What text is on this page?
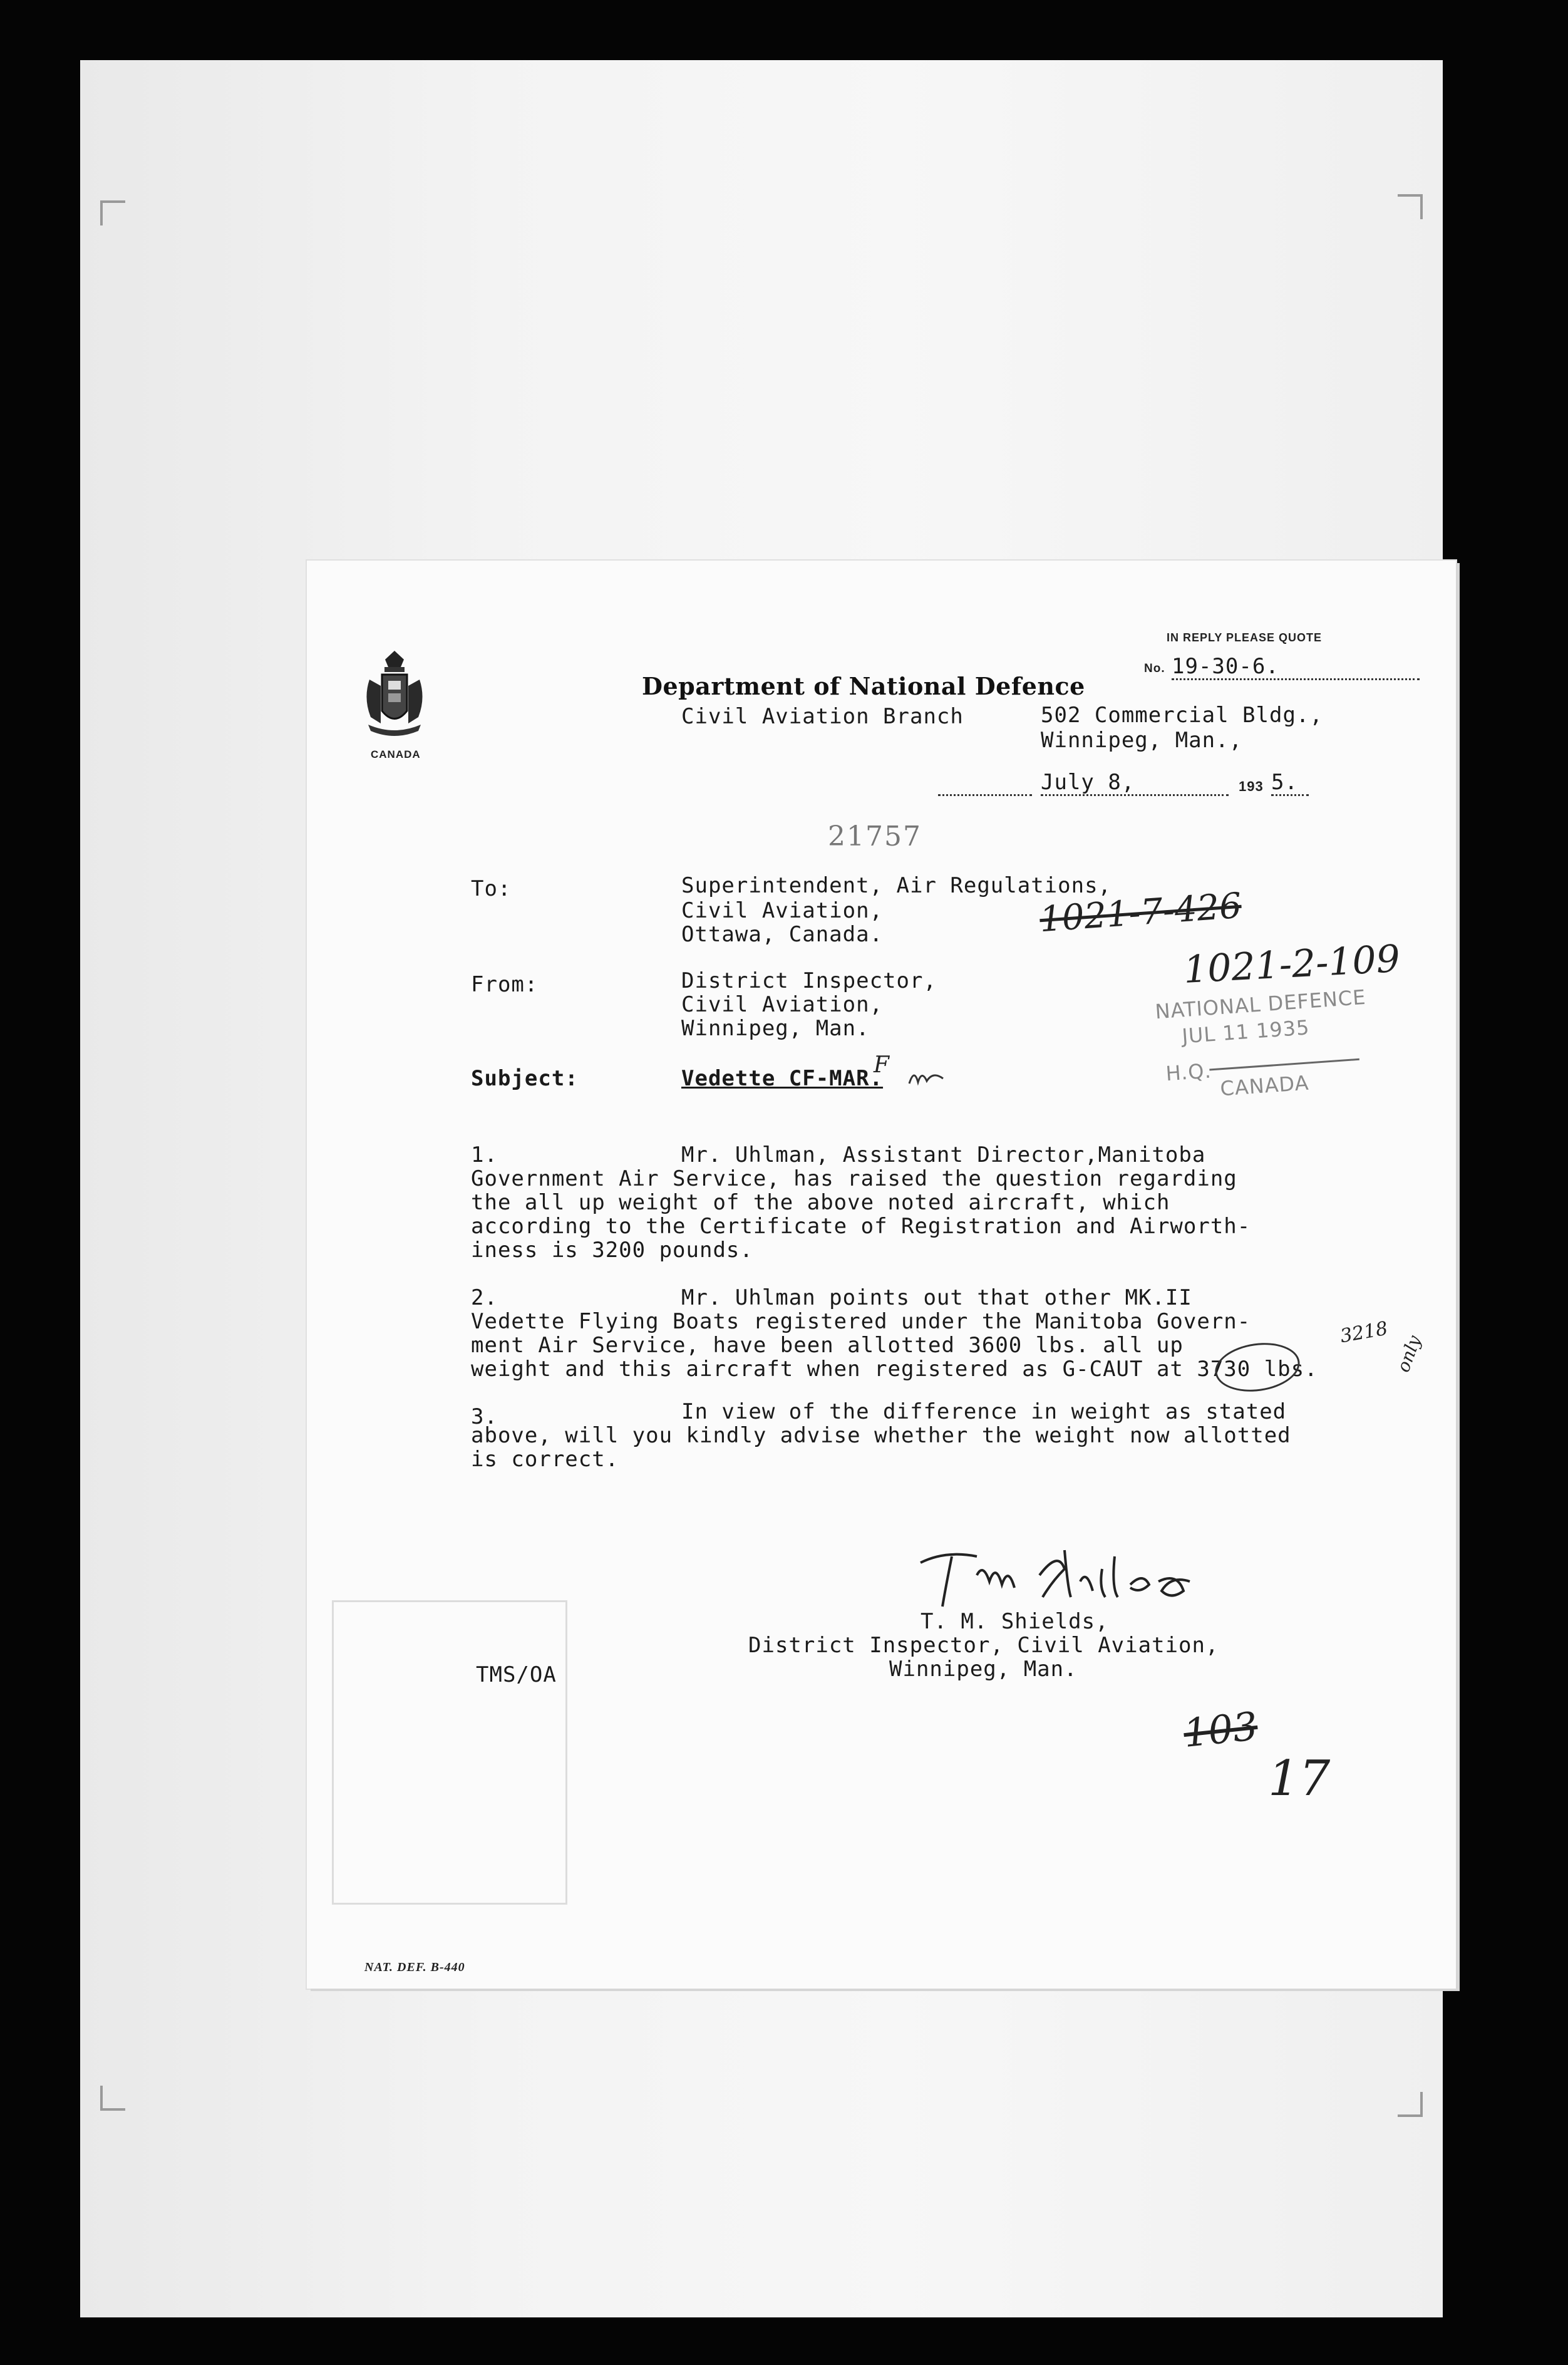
CANADA
Department of National Defence
Civil Aviation Branch
IN REPLY PLEASE QUOTE
No. 19-30-6.
502 Commercial Bldg.,
Winnipeg, Man.,
July 8,	193 5.
21757
To:	Superintendent, Air Regulations,
Civil Aviation,
Ottawa, Canada.
From:	District Inspector,
Civil Aviation,
Winnipeg, Man.
Subject:	Vedette CF-MAR.
F
1021-7-426
1021-2-109
NATIONAL DEFENCE
JUL 11 1935
H.Q. CANADA
1.	Mr. Uhlman, Assistant Director,Manitoba
Government Air Service, has raised the question regarding
the all up weight of the above noted aircraft, which
according to the Certificate of Registration and Airworth-
iness is 3200 pounds.
2.	Mr. Uhlman points out that other MK.II
Vedette Flying Boats registered under the Manitoba Govern-
ment Air Service, have been allotted 3600 lbs. all up
weight and this aircraft when registered as G-CAUT at 3730 lbs.
3218
only
3.	In view of the difference in weight as stated
above, will you kindly advise whether the weight now allotted
is correct.
T. M. Shields,
District Inspector, Civil Aviation,
Winnipeg, Man.
TMS/OA
103
17
NAT. DEF. B-440
